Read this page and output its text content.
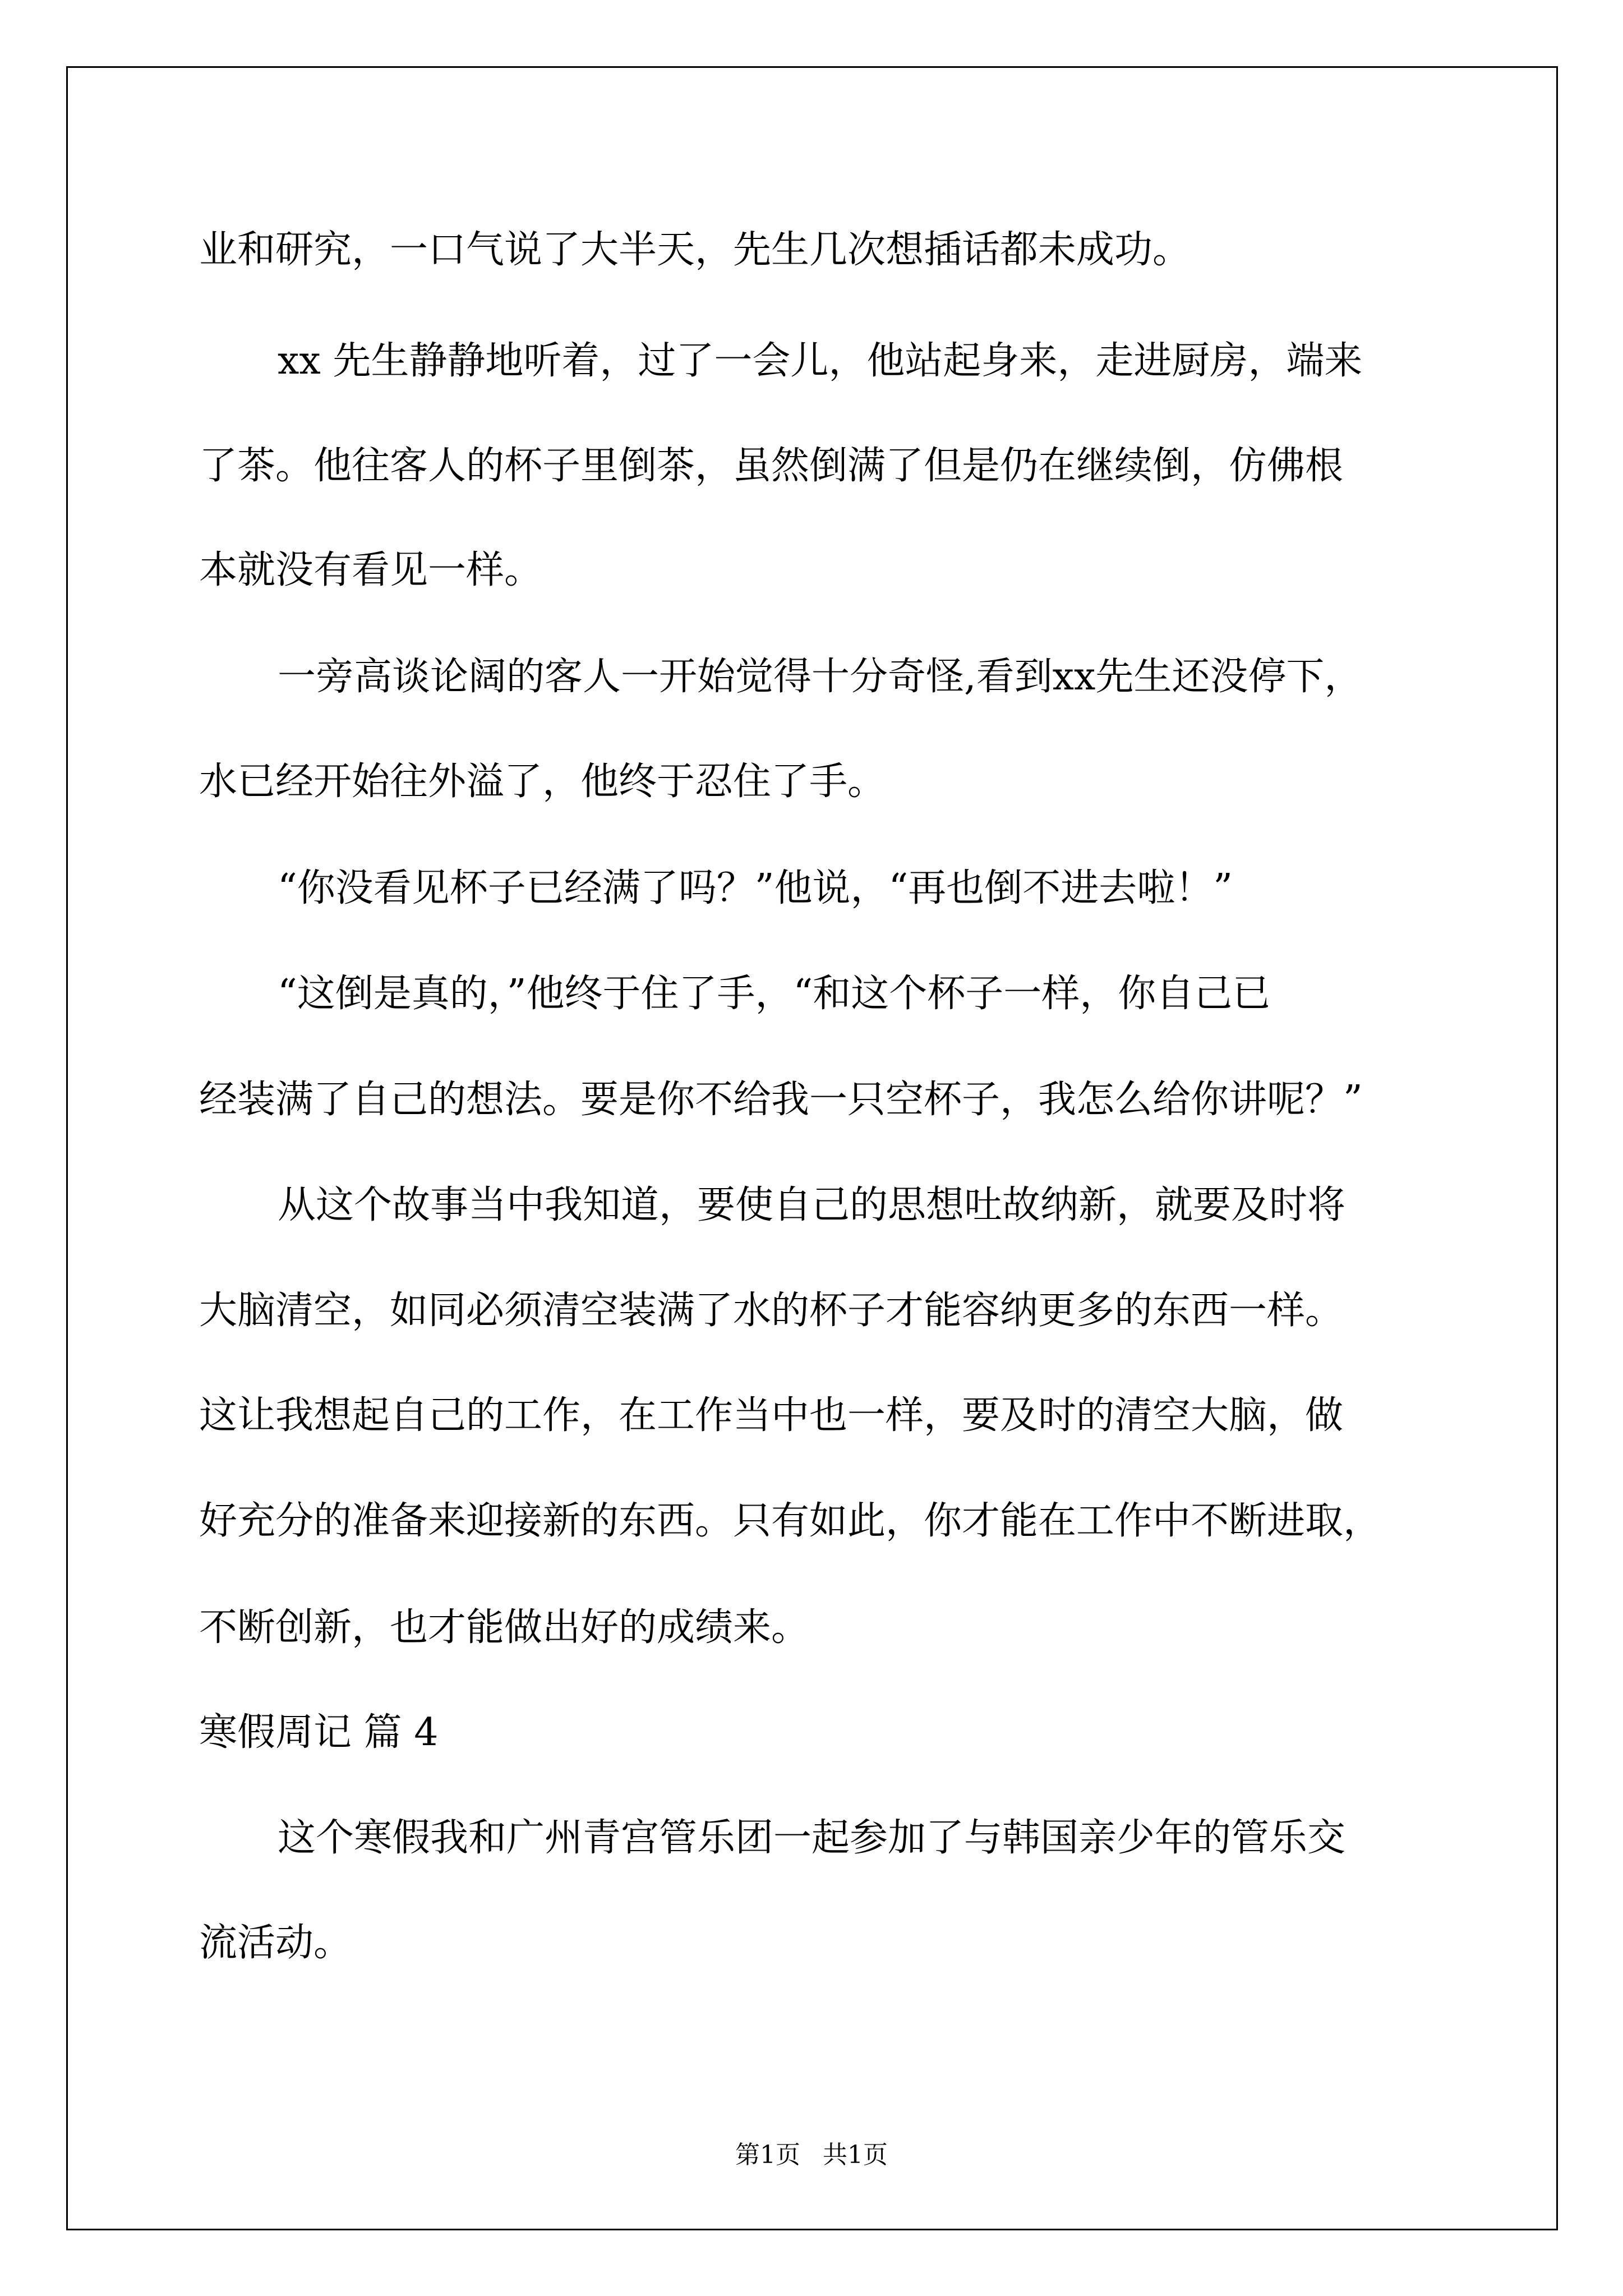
业和研究，一口气说了大半天，先生几次想插话都未成功。
xx 先生静静地听着，过了一会儿，他站起身来，走进厨房，端来
了茶。他往客人的杯子里倒茶，虽然倒满了但是仍在继续倒，仿佛根
本就没有看见一样。
一旁高谈论阔的客人一开始觉得十分奇怪,看到xx先生还没停下，
水已经开始往外溢了，他终于忍住了手。
“你没看见杯子已经满了吗？”他说，“再也倒不进去啦！”
“这倒是真的，”他终于住了手，“和这个杯子一样，你自己已
经装满了自己的想法。要是你不给我一只空杯子，我怎么给你讲呢？”
从这个故事当中我知道，要使自己的思想吐故纳新，就要及时将
大脑清空，如同必须清空装满了水的杯子才能容纳更多的东西一样。
这让我想起自己的工作，在工作当中也一样，要及时的清空大脑，做
好充分的准备来迎接新的东西。只有如此，你才能在工作中不断进取，
不断创新，也才能做出好的成绩来。
寒假周记 篇 4
这个寒假我和广州青宫管乐团一起参加了与韩国亲少年的管乐交
流活动。
第1页 共1页
